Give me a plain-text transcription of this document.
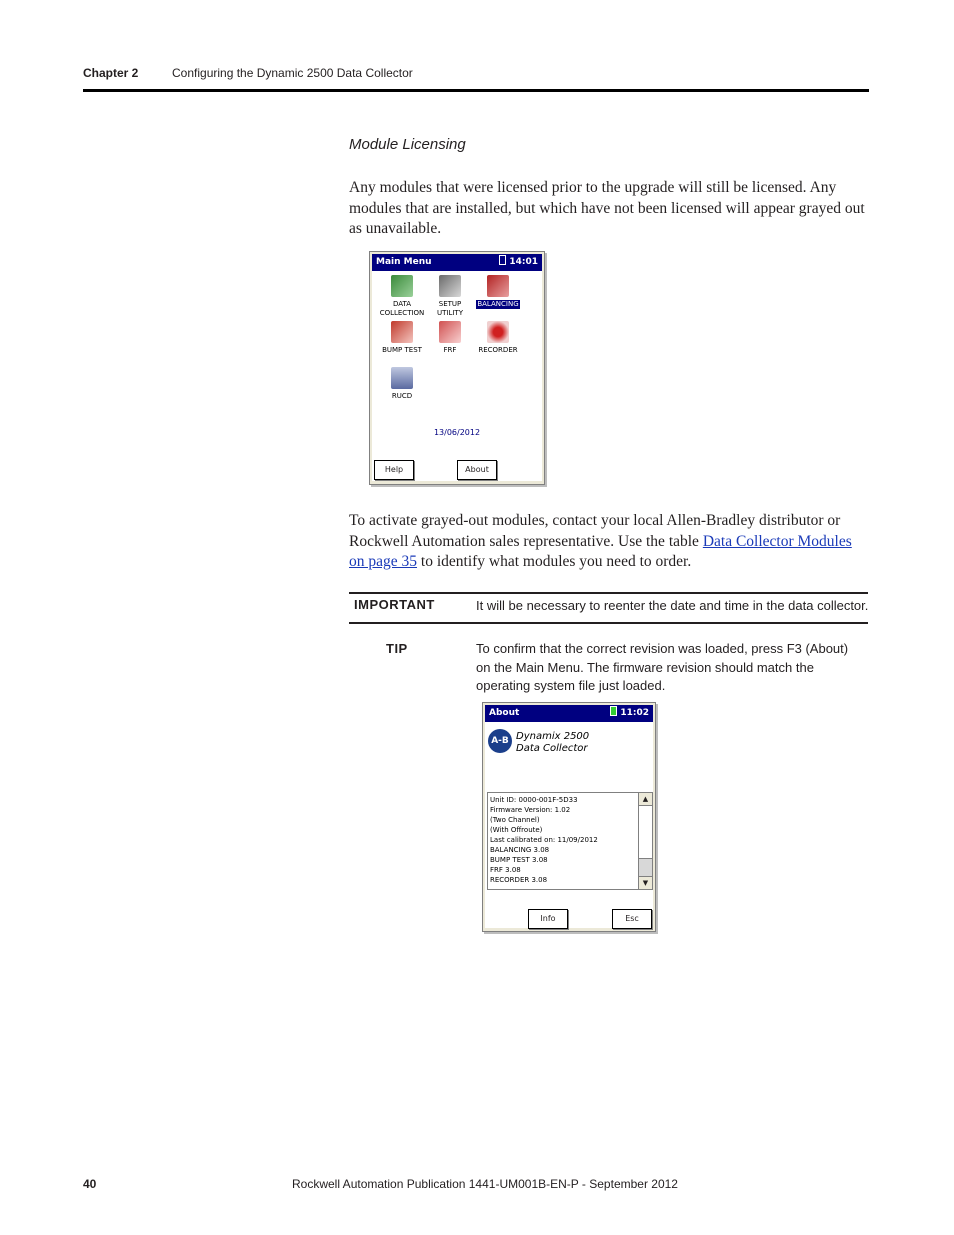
Chapter 2	Configuring the Dynamic 2500 Data Collector
Module Licensing
Any modules that were licensed prior to the upgrade will still be licensed. Any modules that are installed, but which have not been licensed will appear grayed out as unavailable.
Main Menu	14:01
DATA
COLLECTION
SETUP
UTILITY
BALANCING
BUMP TEST	FRF	RECORDER
RUCD
13/06/2012
Help	About
To activate grayed-out modules, contact your local Allen-Bradley distributor or Rockwell Automation sales representative. Use the table Data Collector Modules on page 35 to identify what modules you need to order.
IMPORTANT	It will be necessary to reenter the date and time in the data collector.
TIP	To confirm that the correct revision was loaded, press F3 (About) on the Main Menu. The firmware revision should match the operating system file just loaded.
About	11:02
A-B Dynamix 2500
Data Collector
Unit ID: 0000-001F-5D33
Firmware Version: 1.02
(Two Channel)
(With Offroute)
Last calibrated on: 11/09/2012
BALANCING 3.08
BUMP TEST 3.08
FRF 3.08
RECORDER 3.08
▲
▼
Info	Esc
40	Rockwell Automation Publication 1441-UM001B-EN-P - September 2012
